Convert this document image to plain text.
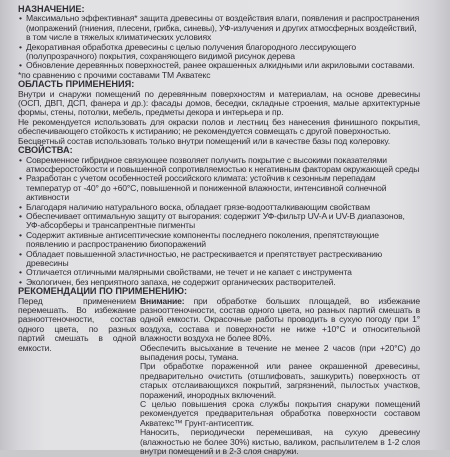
НАЗНАЧЕНИЕ:
• Максимально эффективная* защита древесины от воздействия влаги, появления и распространения (мопражений (гниения, плесени, грибка, синевы), УФ-излучения и других атмосферных воздействий, в том числе в тяжелых климатических условиях
• Декоративная обработка древесины с целью получения благородного лессирующего (полупрозрачного) покрытия, сохраняющего видимой рисунок дерева
• Обновление деревянных поверхностей, ранее окрашенных алкидными или акриловыми составами.
*по сравнению с прочими составами ТМ Акватекс
ОБЛАСТЬ ПРИМЕНЕНИЯ:

Внутри и снаружи помещений по деревянным поверхностям и материалам, на основе древесины (ОСП, ДВП, ДСП, фанера и др.): фасады домов, беседки, складные строения, малые архитектурные формы, стены, потолки, мебель, предметы декора и интерьера и пр.

Не рекомендуется использовать для окраски полов и лестниц без нанесения финишного покрытия, обеспечивающего стойкость к истиранию; не рекомендуется совмещать с другой поверхностью.

Бесцветный состав использовать только внутри помещений или в качестве базы под колеровку.

СВОЙСТВА:
• Современное гибридное связующее позволяет получить покрытие с высокими показателями атмосферостойкости и повышенной сопротивляемостью к негативным факторам окружающей среды
• Разработан с учетом особенностей российского климата: устойчив к сезонным перепадам температур от -40° до +60°С, повышенной и пониженной влажности, интенсивной солнечной активности
• Благодаря наличию натурального воска, обладает грязе-водоотталкивающим свойствам
• Обеспечивает оптимальную защиту от выгорания: содержит УФ-фильтр UV-A и UV-B диапазонов, УФ-абсорберы и трансапрентные пигменты
• Содержит активные антисептические компоненты последнего поколения, препятствующие появлению и распространению биопоражений
• Обладает повышенной эластичностью, не растрескивается и препятствует растрескиванию древесины
• Отличается отличными малярными свойствами, не течет и не капает с инструмента
• Экологичен, без неприятного запаха, не содержит органических растворителей.
РЕКОМЕНДАЦИИ ПО ПРИМЕНЕНИЮ:

Перед применением перемешать. Во избежание разнооттеночности, состав одного цвета, по разных партий смешать в одной емкости.

Внимание: при обработке больших площадей, во избежание разнооттеночности, состав одного цвета, но разных партий смешать в одной емкости. Окрасочные работы проводить в сухую погоду при 1° воздуха, состава и поверхности не ниже +10°С и относительной влажности воздуха не более 80%.

Обеспечить высыхание в течение не менее 2 часов (при +20°С) до выпадения росы, тумана.

При обработке пораженной или ранее окрашенной древесины, предварительно очистить (отшлифовать, зашкурить) поверхность от старых отслаивающихся покрытий, загрязнений, пылостых участков, поражений, инородных включений.

С целью повышения срока службы покрытия снаружи помещений рекомендуется предварительная обработка поверхности составом Акватекс™ Грунт-антисептик.

Наносить, периодически перемешивая, на сухую древесину (влажностью не более 30%) кистью, валиком, распылителем в 1-2 слоя внутри помещений и в 2-3 слоя снаружи.
